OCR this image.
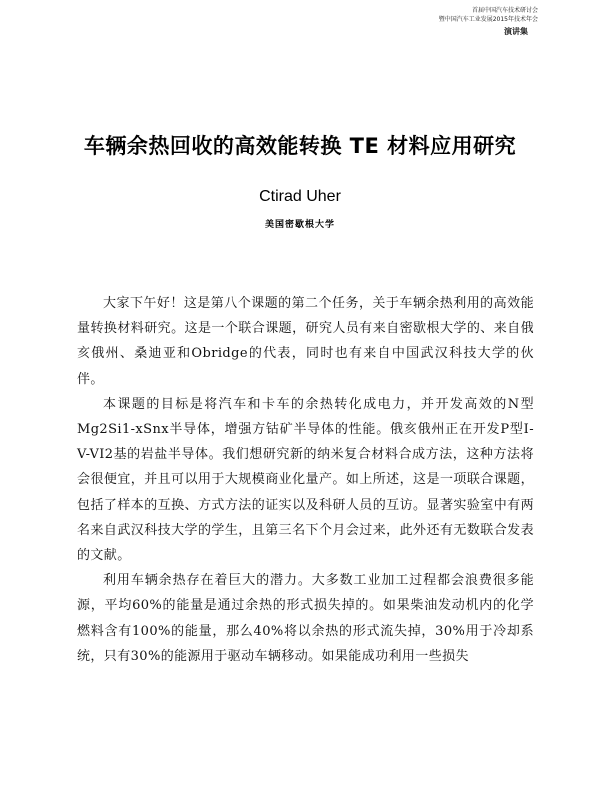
首届中国汽车技术研讨会
暨中国汽车工业发展2015年技术年会
演讲集
车辆余热回收的高效能转换 TE 材料应用研究
Ctirad Uher
美国密歇根大学

大家下午好！这是第八个课题的第二个任务，关于车辆余热利用的高效能量转换材料研究。这是一个联合课题，研究人员有来自密歇根大学的、来自俄亥俄州、桑迪亚和Obridge的代表，同时也有来自中国武汉科技大学的伙伴。

本课题的目标是将汽车和卡车的余热转化成电力，并开发高效的N型Mg2Si1-xSnx半导体，增强方钴矿半导体的性能。俄亥俄州正在开发P型I-V-VI2基的岩盐半导体。我们想研究新的纳米复合材料合成方法，这种方法将会很便宜，并且可以用于大规模商业化量产。如上所述，这是一项联合课题，包括了样本的互换、方式方法的证实以及科研人员的互访。显著实验室中有两名来自武汉科技大学的学生，且第三名下个月会过来，此外还有无数联合发表的文献。

利用车辆余热存在着巨大的潜力。大多数工业加工过程都会浪费很多能源，平均60%的能量是通过余热的形式损失掉的。如果柴油发动机内的化学燃料含有100%的能量，那么40%将以余热的形式流失掉，30%用于冷却系统，只有30%的能源用于驱动车辆移动。如果能成功利用一些损失
